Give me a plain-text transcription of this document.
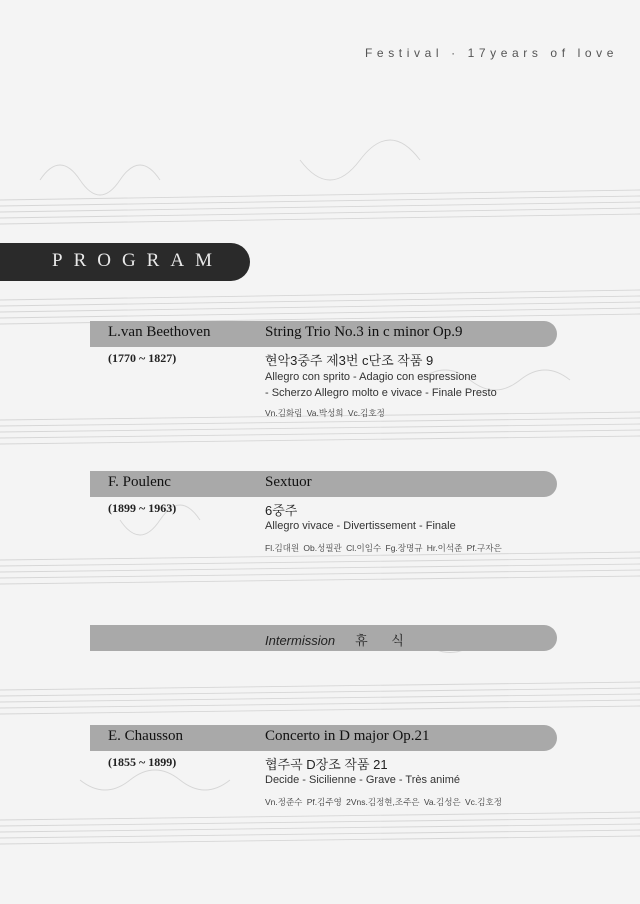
Festival · 17years of love
PROGRAM
L.van Beethoven	String Trio No.3 in c minor Op.9
(1770 ~ 1827)	현악3중주 제3번 c단조 작품 9
Allegro con sprito - Adagio con espressione
- Scherzo Allegro molto e vivace - Finale Presto
Vn.김화림 Va.박성희 Vc.김호정
F. Poulenc	Sextuor
(1899 ~ 1963)	6중주
Allegro vivace - Divertissement - Finale
Fl.김대원 Ob.성필관 Cl.이임수 Fg.장명규 Hr.이석준 Pf.구자은
Intermission 휴 식
E. Chausson	Concerto in D major Op.21
(1855 ~ 1899)	협주곡 D장조 작품 21
Decide - Sicilienne - Grave - Très animé
Vn.정준수 Pf.김주영 2Vns.김정현,조주은 Va.김성은 Vc.김호정
